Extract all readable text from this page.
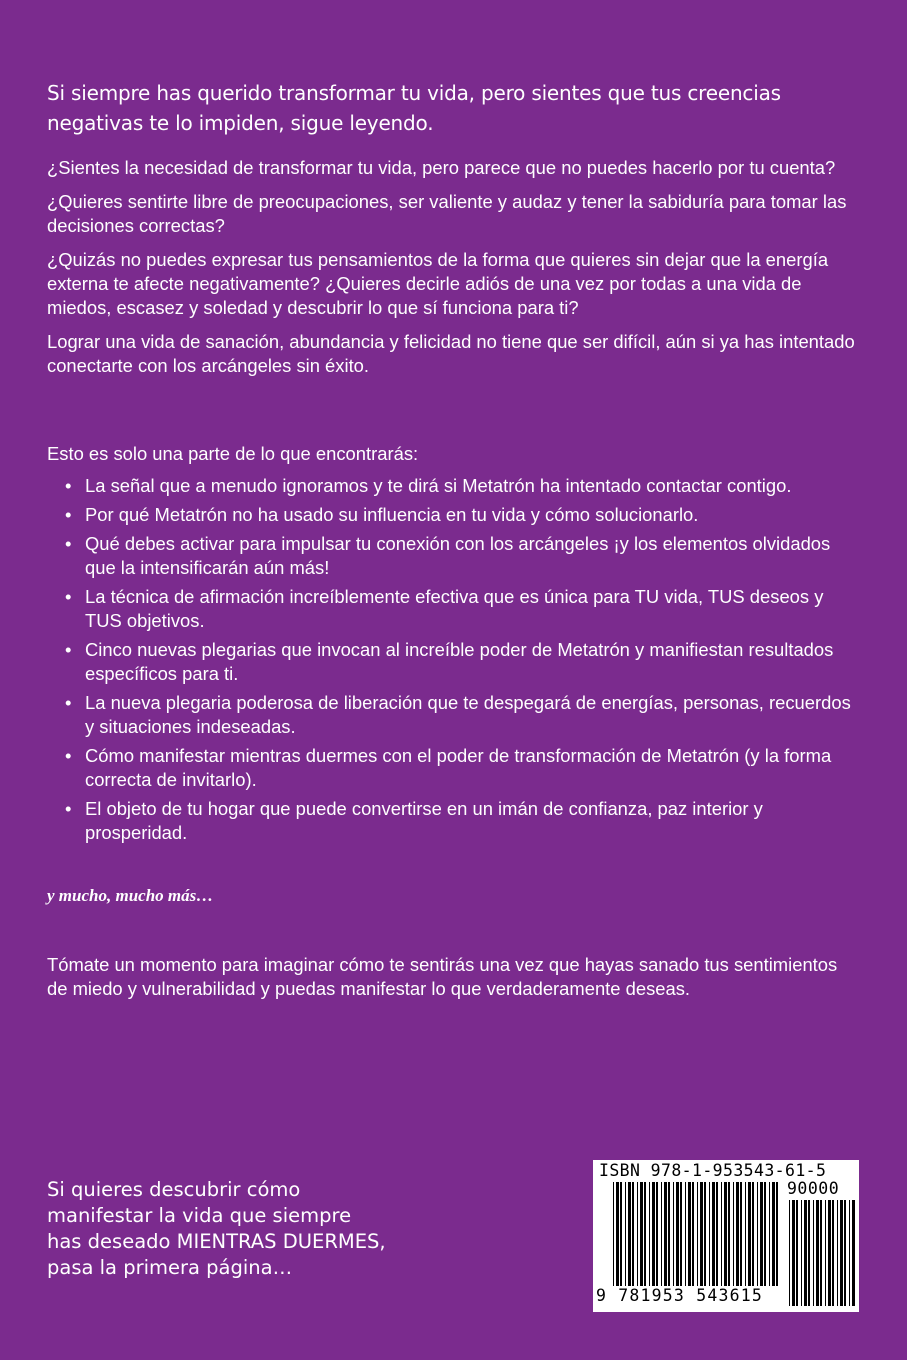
Si siempre has querido transformar tu vida, pero sientes que tus creencias negativas te lo impiden, sigue leyendo.

¿Sientes la necesidad de transformar tu vida, pero parece que no puedes hacerlo por tu cuenta?

¿Quieres sentirte libre de preocupaciones, ser valiente y audaz y tener la sabiduría para tomar las decisiones correctas?

¿Quizás no puedes expresar tus pensamientos de la forma que quieres sin dejar que la energía externa te afecte negativamente? ¿Quieres decirle adiós de una vez por todas a una vida de miedos, escasez y soledad y descubrir lo que sí funciona para ti?

Lograr una vida de sanación, abundancia y felicidad no tiene que ser difícil, aún si ya has intentado conectarte con los arcángeles sin éxito.

Esto es solo una parte de lo que encontrarás:

• La señal que a menudo ignoramos y te dirá si Metatrón ha intentado contactar contigo.
• Por qué Metatrón no ha usado su influencia en tu vida y cómo solucionarlo.
• Qué debes activar para impulsar tu conexión con los arcángeles ¡y los elementos olvidados que la intensificarán aún más!
• La técnica de afirmación increíblemente efectiva que es única para TU vida, TUS deseos y TUS objetivos.
• Cinco nuevas plegarias que invocan al increíble poder de Metatrón y manifiestan resultados específicos para ti.
• La nueva plegaria poderosa de liberación que te despegará de energías, personas, recuerdos y situaciones indeseadas.
• Cómo manifestar mientras duermes con el poder de transformación de Metatrón (y la forma correcta de invitarlo).
• El objeto de tu hogar que puede convertirse en un imán de confianza, paz interior y prosperidad.

y mucho, mucho más…

Tómate un momento para imaginar cómo te sentirás una vez que hayas sanado tus sentimientos de miedo y vulnerabilidad y puedas manifestar lo que verdaderamente deseas.

Si quieres descubrir cómo
manifestar la vida que siempre
has deseado MIENTRAS DUERMES,
pasa la primera página…

ISBN 978-1-953543-61-5
90000
9 781953 543615
